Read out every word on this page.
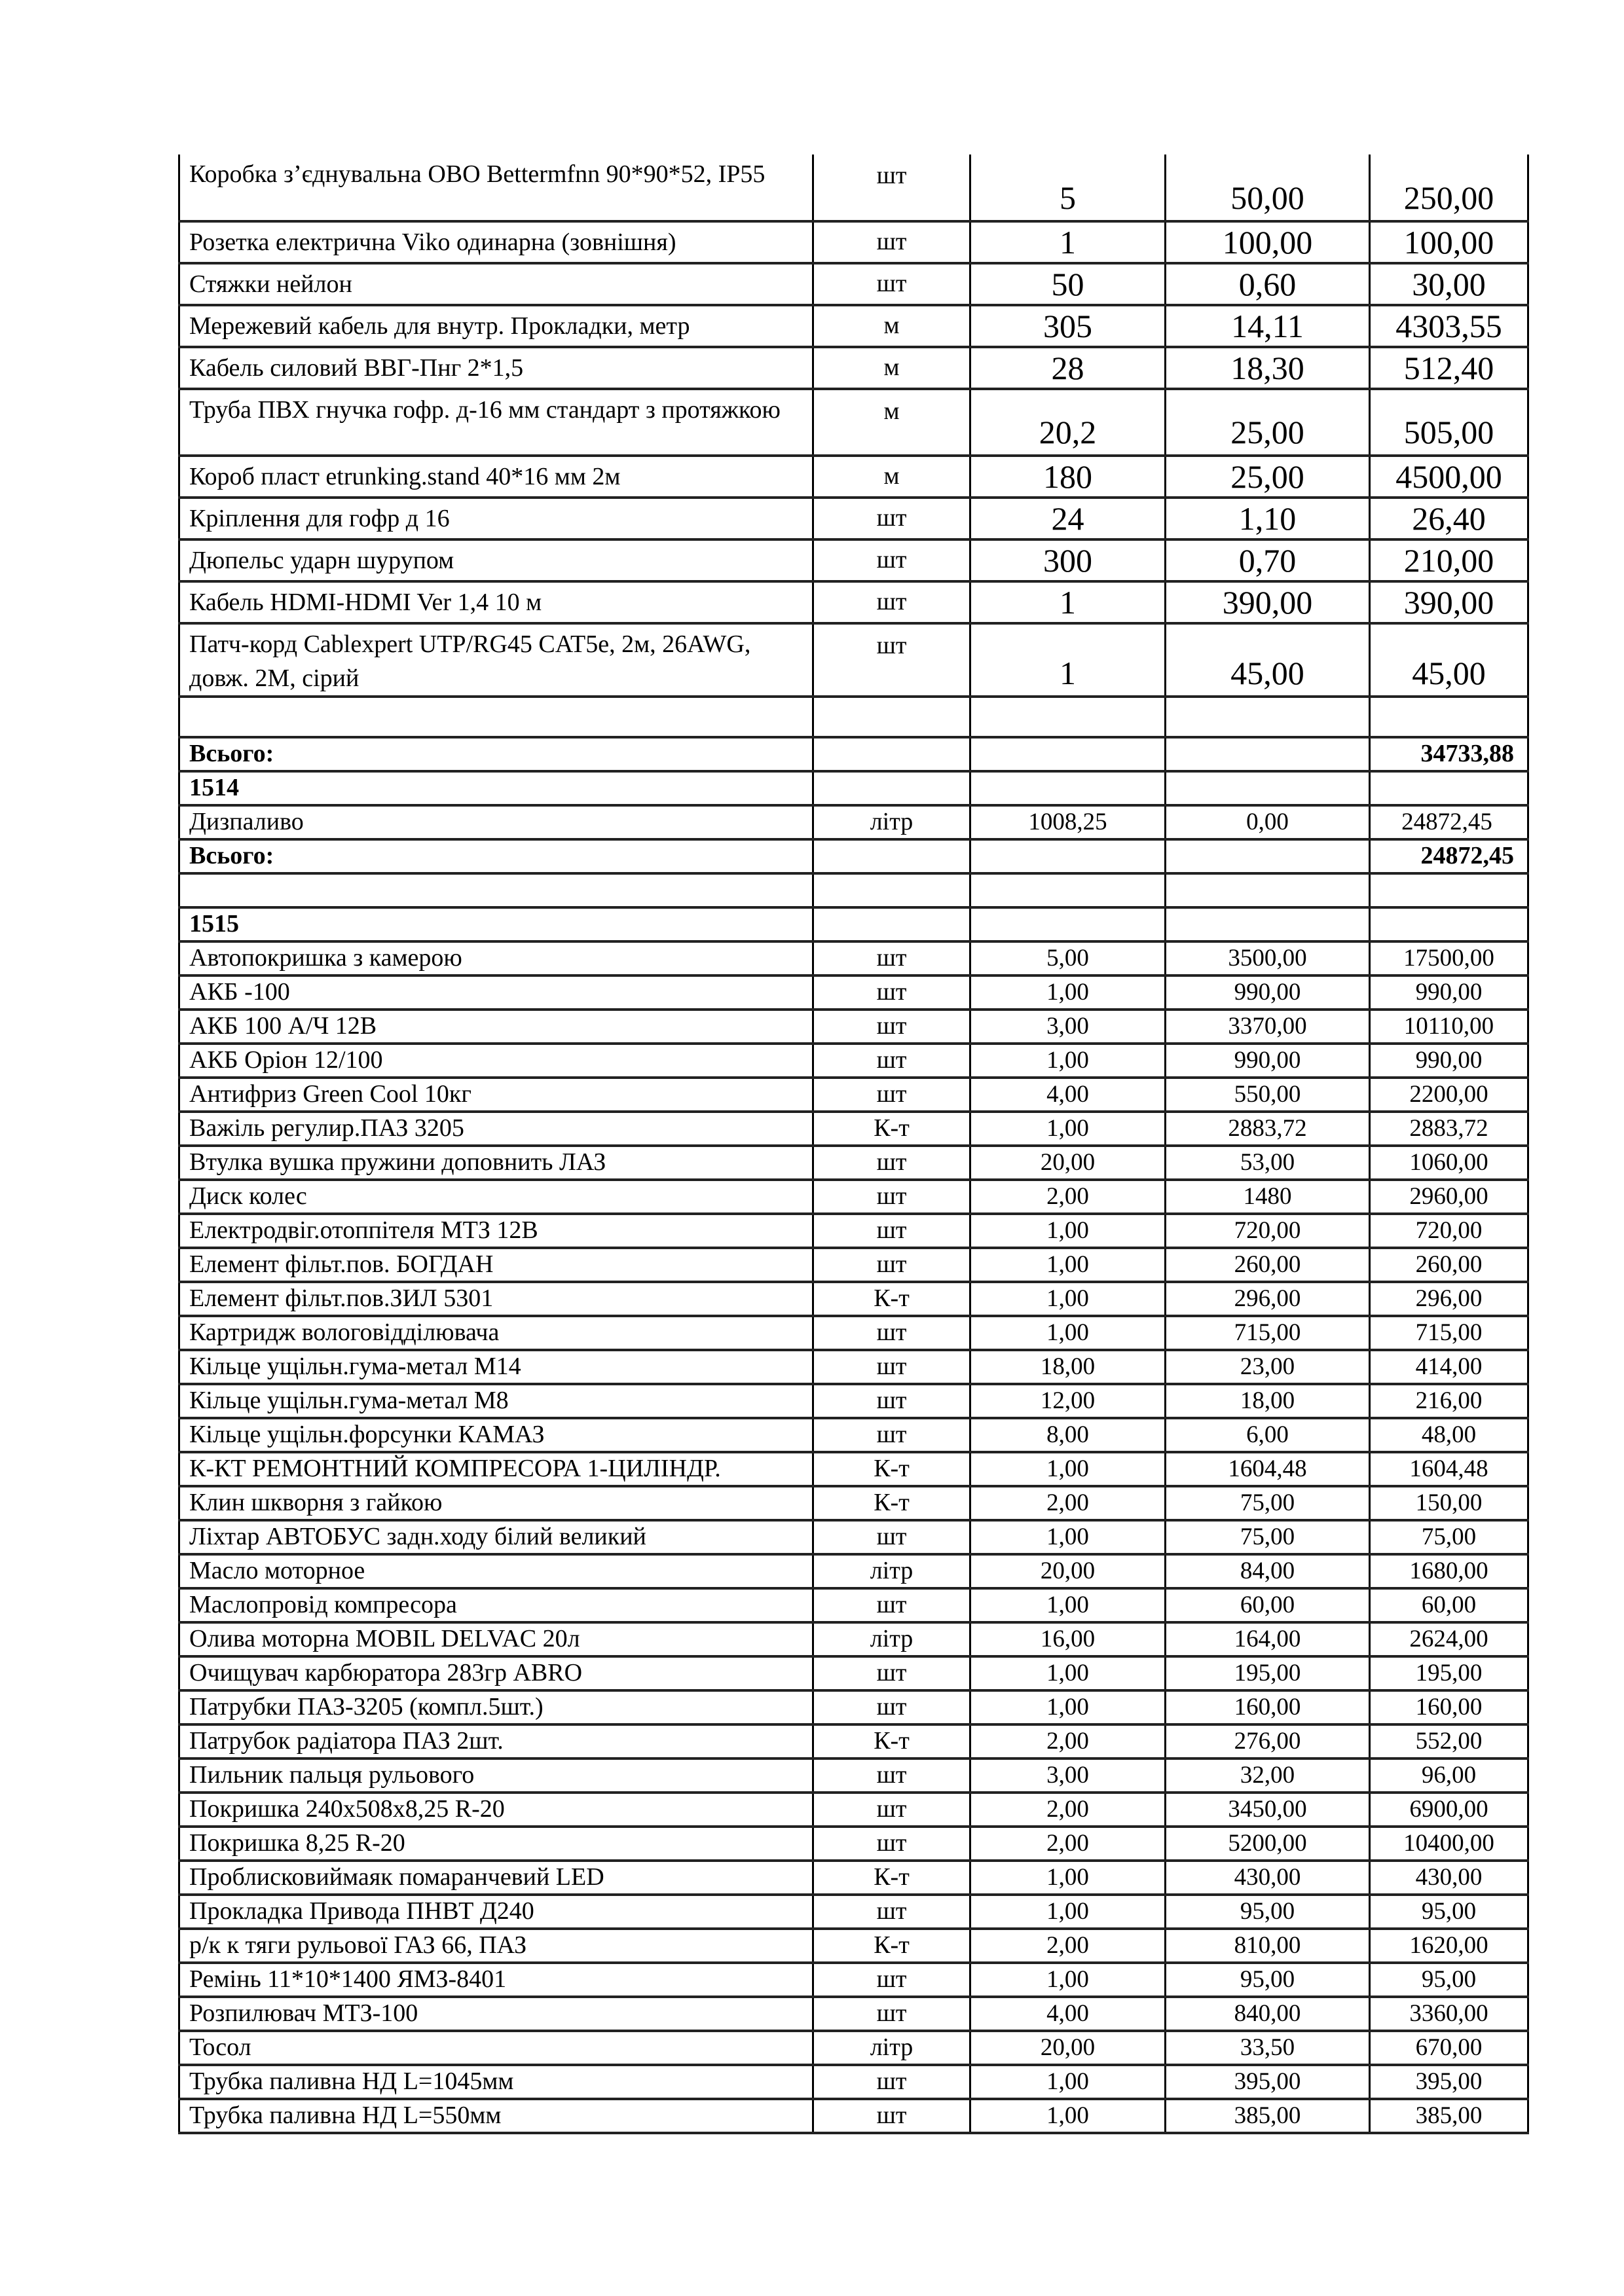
Коробка з’єднувальна OBO Bettermfnn 90*90*52, IP55	шт	5	50,00	250,00
Розетка електрична Viko одинарна (зовнішня)	шт	1	100,00	100,00
Стяжки нейлон	шт	50	0,60	30,00
Мережевий кабель для внутр. Прокладки, метр	м	305	14,11	4303,55
Кабель силовий ВВГ-Пнг 2*1,5	м	28	18,30	512,40
Труба ПВХ гнучка гофр. д-16 мм стандарт з протяжкою	м	20,2	25,00	505,00
Короб пласт etrunking.stand 40*16 мм 2м	м	180	25,00	4500,00
Кріплення для гофр д 16	шт	24	1,10	26,40
Дюпельс ударн шурупом	шт	300	0,70	210,00
Кабель HDMI-HDMI Ver 1,4 10 м	шт	1	390,00	390,00
Патч-корд Cablexpert UTP/RG45 CAT5e, 2м, 26AWG, довж. 2M, сірий	шт	1	45,00	45,00

Всього:				34733,88
1514				
Дизпаливо	літр	1008,25	0,00	24872,45
Всього:				24872,45

1515				
Автопокришка з камерою	шт	5,00	3500,00	17500,00
АКБ -100	шт	1,00	990,00	990,00
АКБ 100 А/Ч 12В	шт	3,00	3370,00	10110,00
АКБ Оріон 12/100	шт	1,00	990,00	990,00
Антифриз Green Cool 10кг	шт	4,00	550,00	2200,00
Важіль регулир.ПАЗ 3205	К-т	1,00	2883,72	2883,72
Втулка вушка пружини доповнить ЛАЗ	шт	20,00	53,00	1060,00
Диск колес	шт	2,00	1480	2960,00
Електродвіг.отоппітеля МТЗ 12В	шт	1,00	720,00	720,00
Елемент фільт.пов. БОГДАН	шт	1,00	260,00	260,00
Елемент фільт.пов.ЗИЛ 5301	К-т	1,00	296,00	296,00
Картридж вологовідділювача	шт	1,00	715,00	715,00
Кільце ущільн.гума-метал М14	шт	18,00	23,00	414,00
Кільце ущільн.гума-метал М8	шт	12,00	18,00	216,00
Кільце ущільн.форсунки КАМАЗ	шт	8,00	6,00	48,00
К-КТ РЕМОНТНИЙ КОМПРЕСОРА 1-ЦИЛІНДР.	К-т	1,00	1604,48	1604,48
Клин шкворня з гайкою	К-т	2,00	75,00	150,00
Ліхтар АВТОБУС задн.ходу білий великий	шт	1,00	75,00	75,00
Масло моторное	літр	20,00	84,00	1680,00
Маслопровід компресора	шт	1,00	60,00	60,00
Олива моторна MOBIL DELVAC 20л	літр	16,00	164,00	2624,00
Очищувач карбюратора 283гр ABRO	шт	1,00	195,00	195,00
Патрубки ПАЗ-3205 (компл.5шт.)	шт	1,00	160,00	160,00
Патрубок радіатора ПАЗ 2шт.	К-т	2,00	276,00	552,00
Пильник пальця рульового	шт	3,00	32,00	96,00
Покришка 240х508х8,25 R-20	шт	2,00	3450,00	6900,00
Покришка 8,25 R-20	шт	2,00	5200,00	10400,00
Проблисковиймаяк помаранчевий LED	К-т	1,00	430,00	430,00
Прокладка Привода ПНВТ Д240	шт	1,00	95,00	95,00
р/к к тяги рульової ГАЗ 66, ПАЗ	К-т	2,00	810,00	1620,00
Ремінь 11*10*1400 ЯМЗ-8401	шт	1,00	95,00	95,00
Розпилювач МТЗ-100	шт	4,00	840,00	3360,00
Тосол	літр	20,00	33,50	670,00
Трубка паливна НД L=1045мм	шт	1,00	395,00	395,00
Трубка паливна НД L=550мм	шт	1,00	385,00	385,00
